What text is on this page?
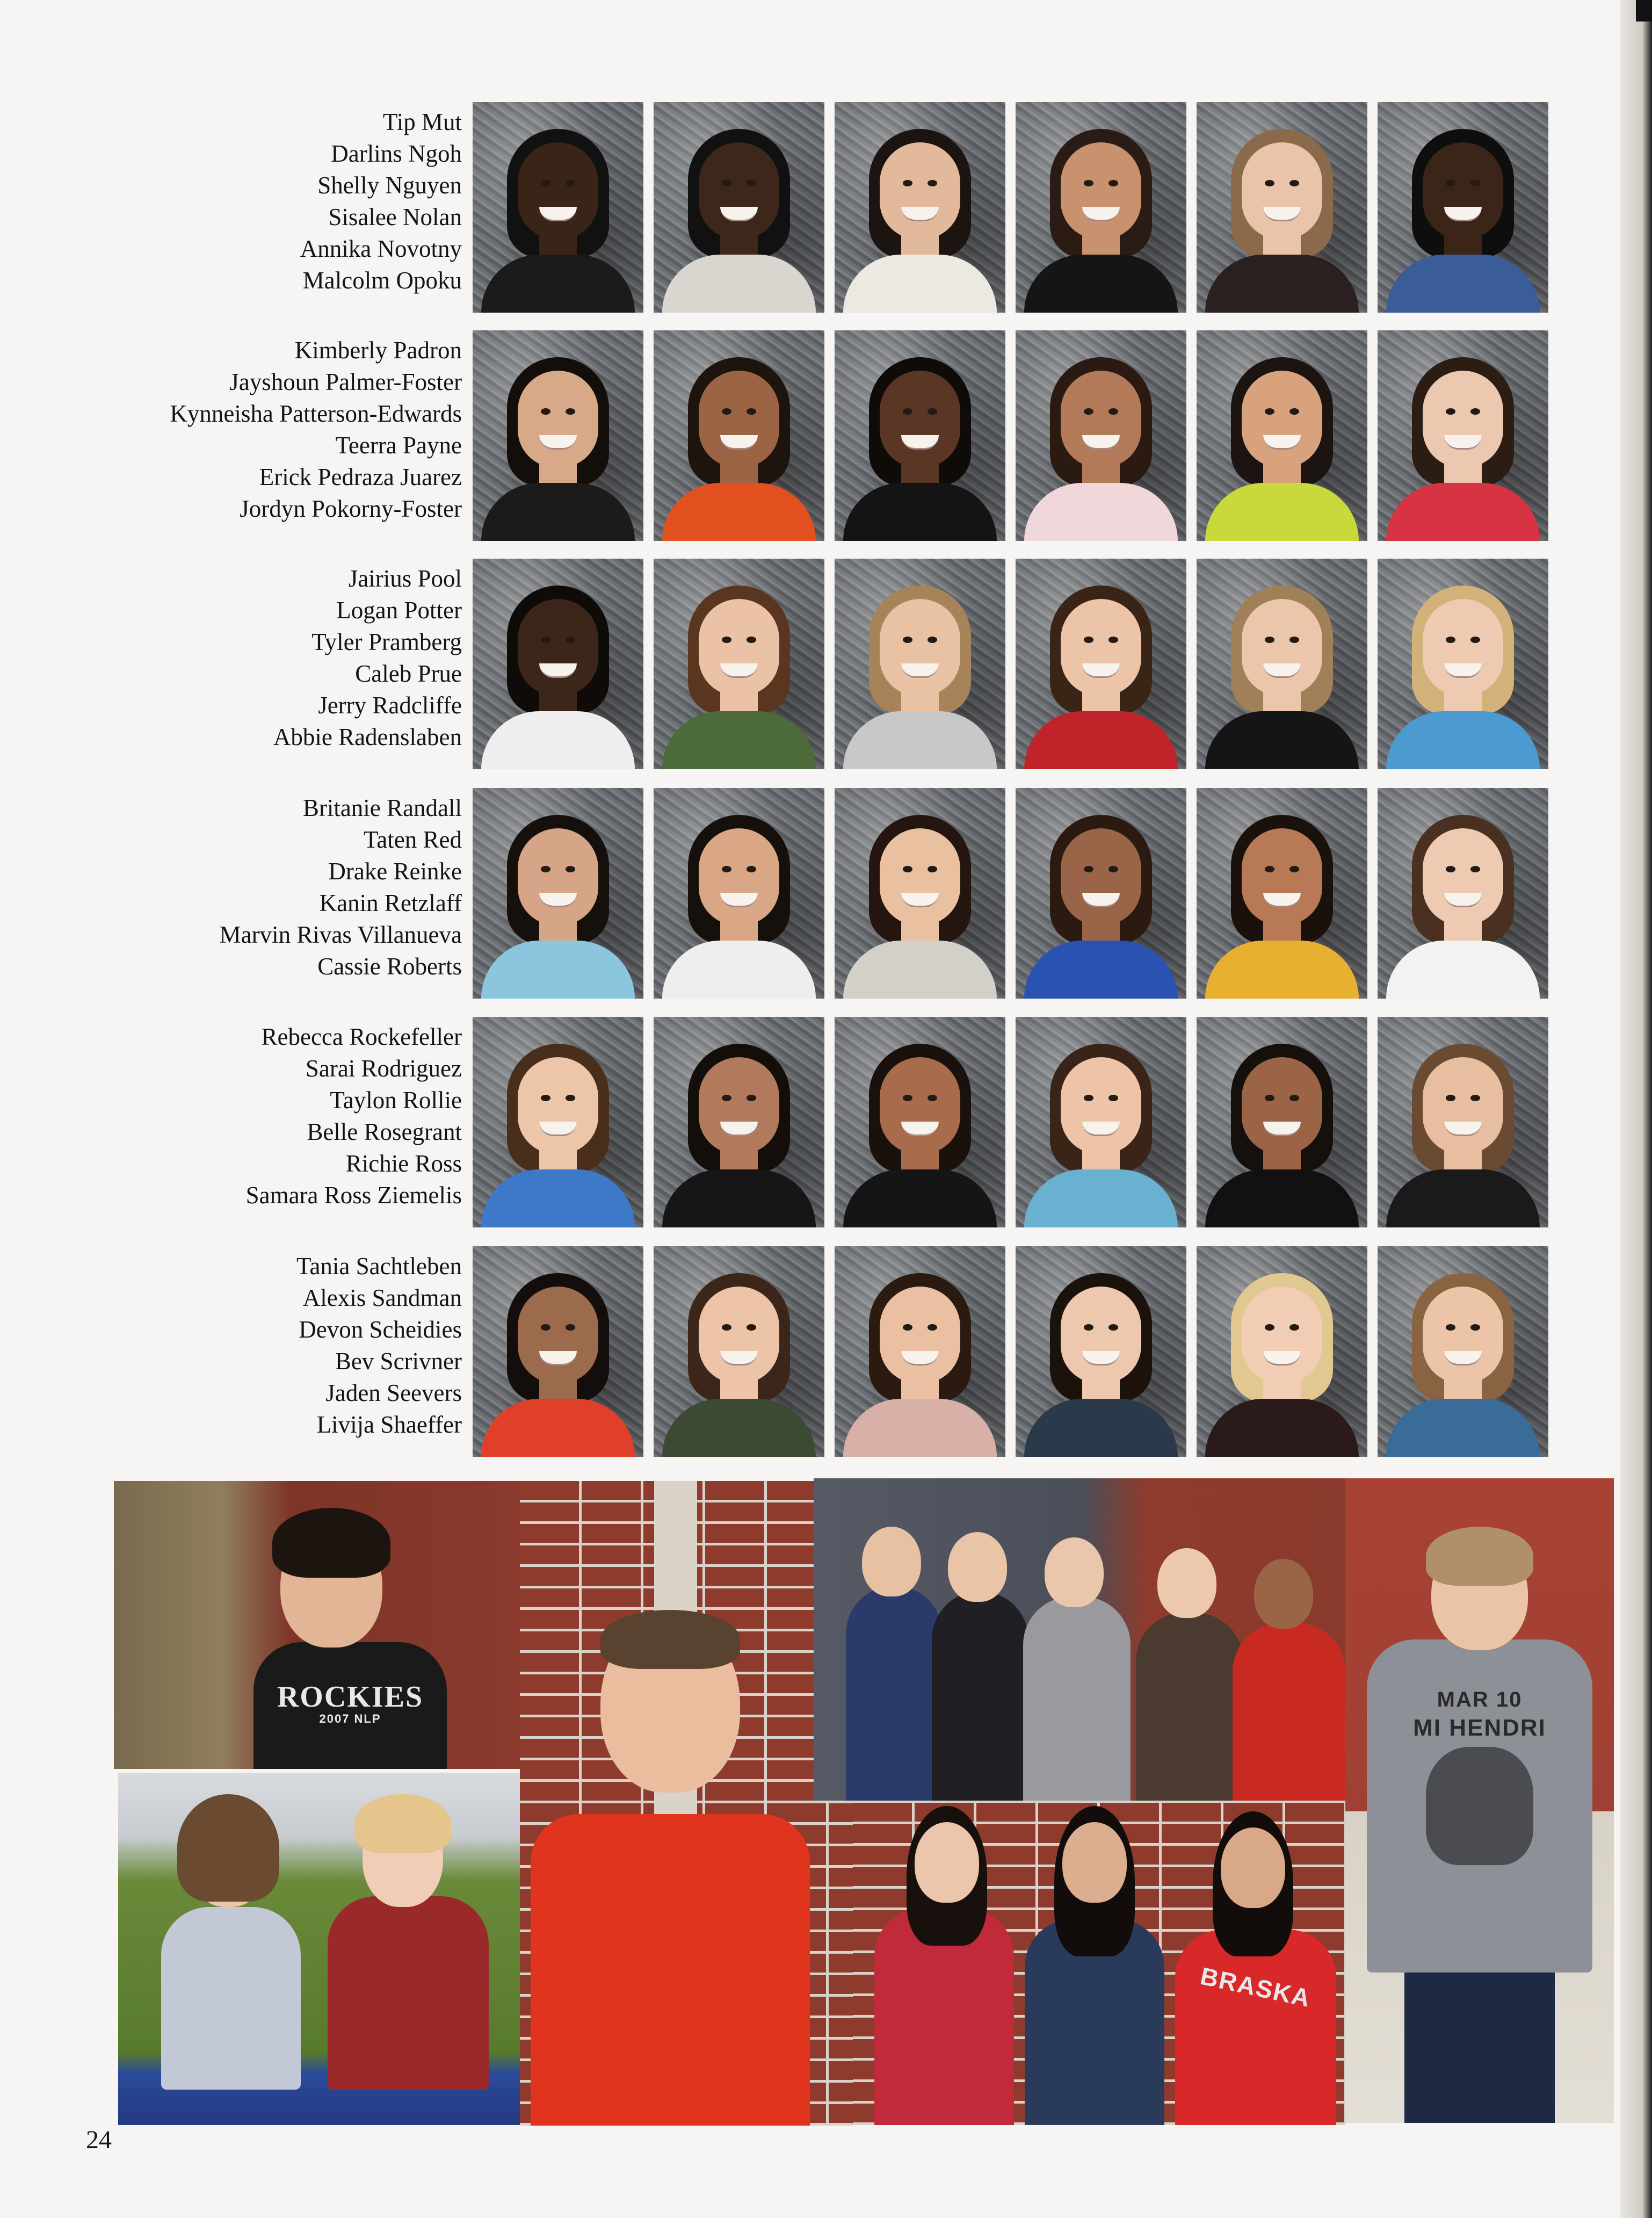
Tip Mut
Darlins Ngoh
Shelly Nguyen
Sisalee Nolan
Annika Novotny
Malcolm Opoku
Kimberly Padron
Jayshoun Palmer-Foster
Kynneisha Patterson-Edwards
Teerra Payne
Erick Pedraza Juarez
Jordyn Pokorny-Foster
Jairius Pool
Logan Potter
Tyler Pramberg
Caleb Prue
Jerry Radcliffe
Abbie Radenslaben
Britanie Randall
Taten Red
Drake Reinke
Kanin Retzlaff
Marvin Rivas Villanueva
Cassie Roberts
Rebecca Rockefeller
Sarai Rodriguez
Taylon Rollie
Belle Rosegrant
Richie Ross
Samara Ross Ziemelis
Tania Sachtleben
Alexis Sandman
Devon Scheidies
Bev Scrivner
Jaden Seevers
Livija Shaeffer
ROCKIES
2007 NLP
BRASKA
MAR 10
MI HENDRI
24
